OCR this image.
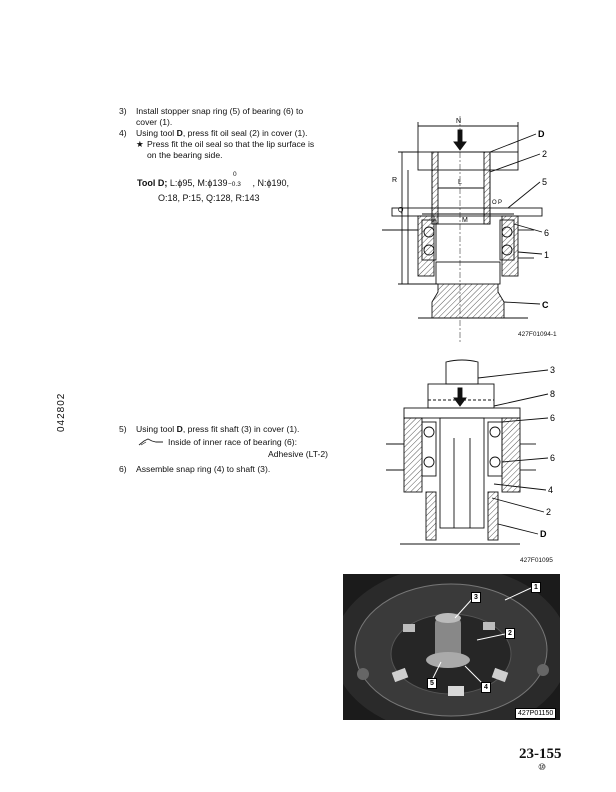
042802
3) Install stopper snap ring (5) of bearing (6) to
cover (1).
4) Using tool D, press fit oil seal (2) in cover (1).
★ Press fit the oil seal so that the lip surface is
on the bearing side.
Tool D; L:ϕ95, M:ϕ139
0
−0.3 , N:ϕ190,
O:18, P:15, Q:128, R:143
5) Using tool D, press fit shaft (3) in cover (1).
Inside of inner race of bearing (6):
Adhesive (LT-2)
6) Assemble snap ring (4) to shaft (3).
N
L
M
R
Q
O P
D
2
5
6
1
C
427F01094-1
3
8
6
6
4
2
D
427F01095
1
3
2
5
4
427P01150
23-155
⑩
